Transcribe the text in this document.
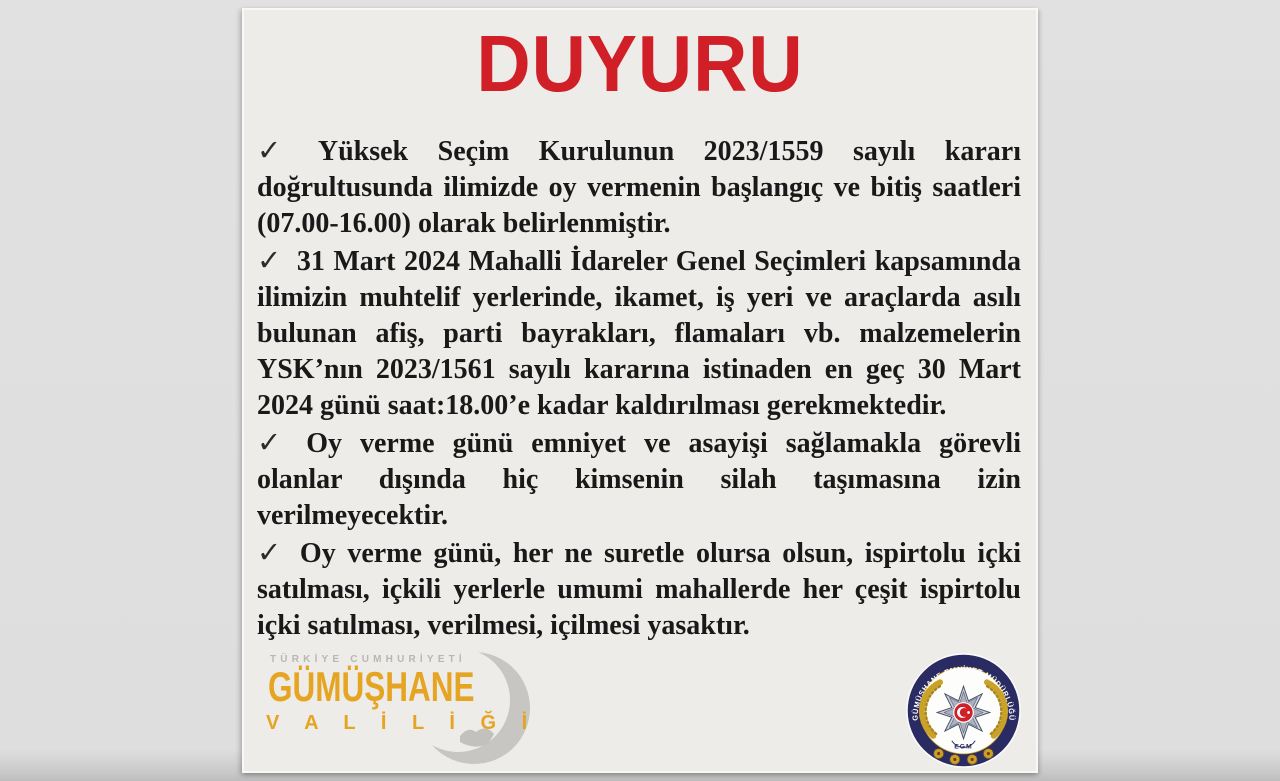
DUYURU

✓ Yüksek Seçim Kurulunun 2023/1559 sayılı kararı doğrultusunda ilimizde oy vermenin başlangıç ve bitiş saatleri (07.00-16.00) olarak belirlenmiştir.

✓ 31 Mart 2024 Mahalli İdareler Genel Seçimleri kapsamında ilimizin muhtelif yerlerinde, ikamet, iş yeri ve araçlarda asılı bulunan afiş, parti bayrakları, flamaları vb. malzemelerin YSK’nın 2023/1561 sayılı kararına istinaden en geç 30 Mart 2024 günü saat:18.00’e kadar kaldırılması gerekmektedir.

✓ Oy verme günü emniyet ve asayişi sağlamakla görevli olanlar dışında hiç kimsenin silah taşımasına izin verilmeyecektir.

✓ Oy verme günü, her ne suretle olursa olsun, ispirtolu içki satılması, içkili yerlerle umumi mahallerde her çeşit ispirtolu içki satılması, verilmesi, içilmesi yasaktır.

TÜRKİYE CUMHURİYETİ
GÜMÜŞHANE
V A L İ L İ Ğ İ	GÜMÜŞHANE EMNİYET MÜDÜRLÜĞÜ
EGM
